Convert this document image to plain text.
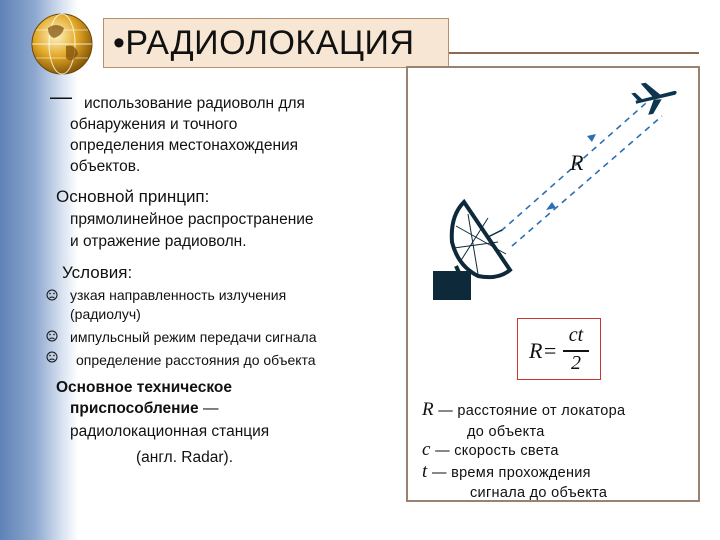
•РАДИОЛОКАЦИЯ
— использование радиоволн для
обнаружения и точного
определения местонахождения
объектов.
Основной принцип:
прямолинейное распространение
и отражение радиоволн.
Условия:
узкая направленность излучения
(радиолуч)
импульсный режим передачи сигнала
определение расстояния до объекта
Основное техническое
приспособление —
радиолокационная станция
(англ. Radar).
R
R=
ct
2
R — расстояние от локатора
до объекта
c — скорость света
t — время прохождения
сигнала до объекта
